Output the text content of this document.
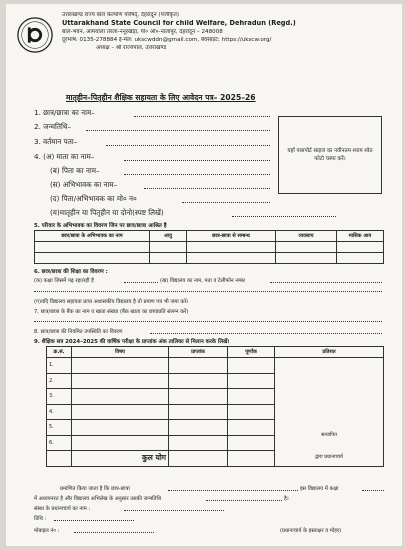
उत्तराखण्ड राज्य बाल कल्याण परिषद्, देहरादून (पंजीकृत)
Uttarakhand State Council for child Welfare, Dehradun (Regd.)
बाल-भवन, आमवाला तरला-ननूरखेड़ा, पो० ऑ०-नालापुर, देहरादून – 248008
दूरभाष: 0135-278884 ई-मेल: ukscwddn@gmail.com, बेवसाइट: https://ukscw.org/
अध्यक्ष – श्री राज्यपाल, उत्तराखण्ड
मातृहीन–पितृहीन शैक्षिक सहायता के लिए आवेदन पत्र– 2025–26
1. छात्र/छात्रा का नाम–
2. जन्मतिथि–
3. वर्तमान पता–
4. (अ) माता का नाम–
(ब) पिता का नाम–
(स) अभिभावक का नाम–
(द) पिता/अभिभावक का मो० न०
(य)मातृहीन या पितृहीन या दोनो(स्पष्ट लिखें)
यहाँ पासपोर्ट साइज का नवीनतम श्याम श्वेत फोटो चस्पा करें।
5. परिवार के अभिभावक का विवरण जिन पर छात्र/छात्रा आश्रित है
छात्र/छात्रा के अभिभावक का नाम	आयु	छात्र-छात्रा से सम्बन्ध	व्यवसाय	मासिक आय

6. छात्र/छात्रा की शिक्षा का विवरण :
(क) कक्षा जिसमें पढ़ रहा/रही है	(ख) विद्यालय का नाम, पता व टेलीफोन नम्बर
(ग)यदि विद्यालय सहायता प्राप्त अशासकीय विद्यालय है तो प्रमाण पत्र भी जमा करें।
7. छात्र/छात्रा के बैंक का नाम व खाता संख्या (बैंक खाता का छायाप्रति संलग्न करें)
8. छात्र/छात्रा की नियमित उपस्थिति का विवरण
9. शैक्षिक सत्र 2024–2025 की वार्षिक परीक्षा के प्राप्तांक अंक तालिका से मिलान करके लिखें।
क्र.सं.	विषय	प्राप्तांक	पूर्णांक	प्रतिशत
1.				सत्यापित
द्वारा प्रधानाचार्य

2.				
3.				
4.				
5.				
6.				
	कुल योग			
प्रमाणित किया जाता है कि छात्र-छात्रा	इस विद्यालय में कक्षा
में अध्ययनरत है और विद्यालय अभिलेख के अनुसार उसकी जन्मतिथि	है।
संस्था के प्रधानाचार्य का नाम :
तिथि :
मोबाइल नं० :	(प्रधानाचार्य के हस्ताक्षर व मोहर)
